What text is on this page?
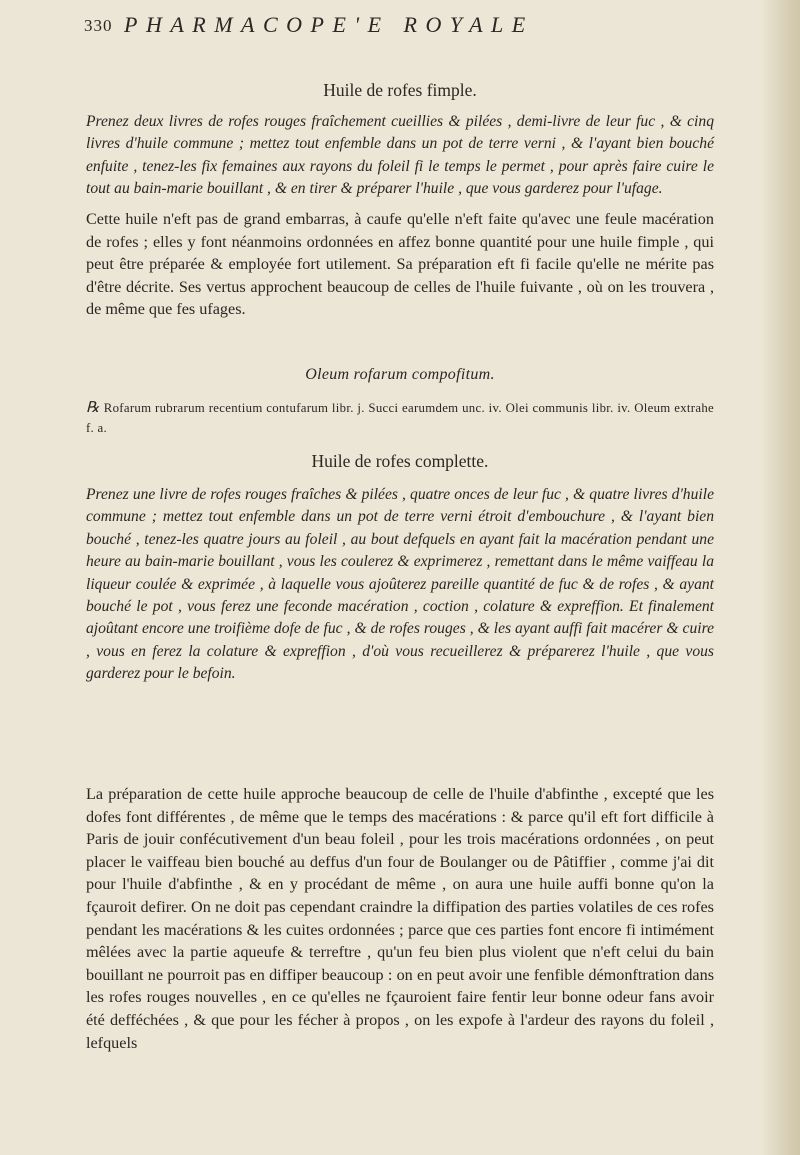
330 PHARMACOPE'E ROYALE
Huile de rofes fimple.

Prenez deux livres de rofes rouges fraîchement cueillies & pilées , demi-livre de leur fuc , & cinq livres d'huile commune ; mettez tout enfemble dans un pot de terre verni , & l'ayant bien bouché enfuite , tenez-les fix femaines aux rayons du foleil fi le temps le permet , pour après faire cuire le tout au bain-marie bouillant , & en tirer & préparer l'huile , que vous garderez pour l'ufage.

Cette huile n'eft pas de grand embarras, à caufe qu'elle n'eft faite qu'avec une feule macération de rofes ; elles y font néanmoins ordonnées en affez bonne quantité pour une huile fimple , qui peut être préparée & employée fort utilement. Sa préparation eft fi facile qu'elle ne mérite pas d'être décrite. Ses vertus approchent beaucoup de celles de l'huile fuivante , où on les trouvera , de même que fes ufages.

Oleum rofarum compofitum.

℞ Rofarum rubrarum recentium contufarum libr. j. Succi earumdem unc. iv. Olei communis libr. iv. Oleum extrahe f. a.

Huile de rofes complette.

Prenez une livre de rofes rouges fraîches & pilées , quatre onces de leur fuc , & quatre livres d'huile commune ; mettez tout enfemble dans un pot de terre verni étroit d'embouchure , & l'ayant bien bouché , tenez-les quatre jours au foleil , au bout defquels en ayant fait la macération pendant une heure au bain-marie bouillant , vous les coulerez & exprimerez , remettant dans le même vaiffeau la liqueur coulée & exprimée , à laquelle vous ajoûterez pareille quantité de fuc & de rofes , & ayant bouché le pot , vous ferez une feconde macération , coction , colature & expreffion. Et finalement ajoûtant encore une troifième dofe de fuc , & de rofes rouges , & les ayant auffi fait macérer & cuire , vous en ferez la colature & expreffion , d'où vous recueillerez & préparerez l'huile , que vous garderez pour le befoin.

La préparation de cette huile approche beaucoup de celle de l'huile d'abfinthe , excepté que les dofes font différentes , de même que le temps des macérations : & parce qu'il eft fort difficile à Paris de jouir confécutivement d'un beau foleil , pour les trois macérations ordonnées , on peut placer le vaiffeau bien bouché au deffus d'un four de Boulanger ou de Pâtiffier , comme j'ai dit pour l'huile d'abfinthe , & en y procédant de même , on aura une huile auffi bonne qu'on la fçauroit defirer. On ne doit pas cependant craindre la diffipation des parties volatiles de ces rofes pendant les macérations & les cuites ordonnées ; parce que ces parties font encore fi intimément mêlées avec la partie aqueufe & terreftre , qu'un feu bien plus violent que n'eft celui du bain bouillant ne pourroit pas en diffiper beaucoup : on en peut avoir une fenfible démonftration dans les rofes rouges nouvelles , en ce qu'elles ne fçauroient faire fentir leur bonne odeur fans avoir été defféchées , & que pour les fécher à propos , on les expofe à l'ardeur des rayons du foleil , lefquels
